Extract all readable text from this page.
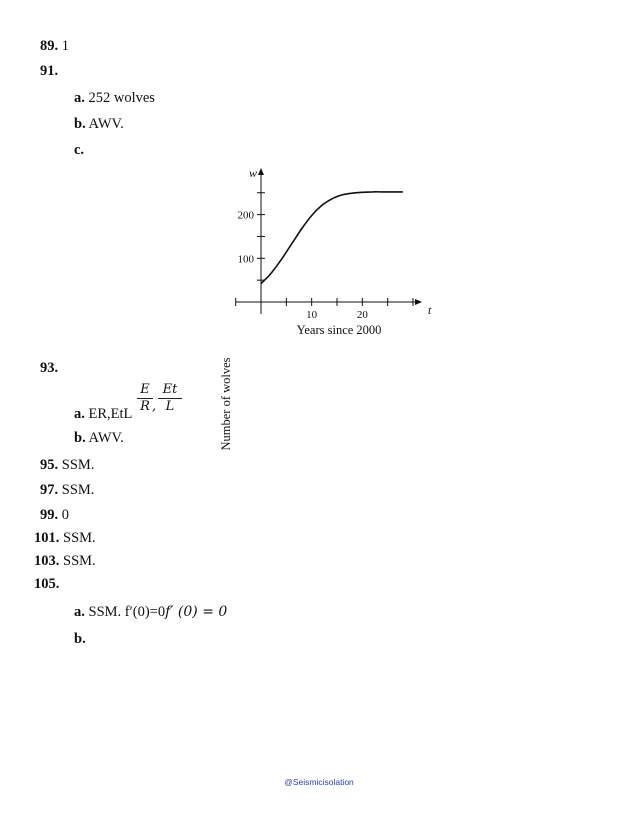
89. 1
91.
a. 252 wolves
b. AWV.
c.
10	20
100
200
Number of wolves
Years since 2000
t
w
93.
a. ER,EtL
E
R ,
Et
L
b. AWV.
95. SSM.
97. SSM.
99. 0
101. SSM.
103. SSM.
105.
a. SSM. f′(0)=0f′ (0) = 0
b.
@Seismicisolation
